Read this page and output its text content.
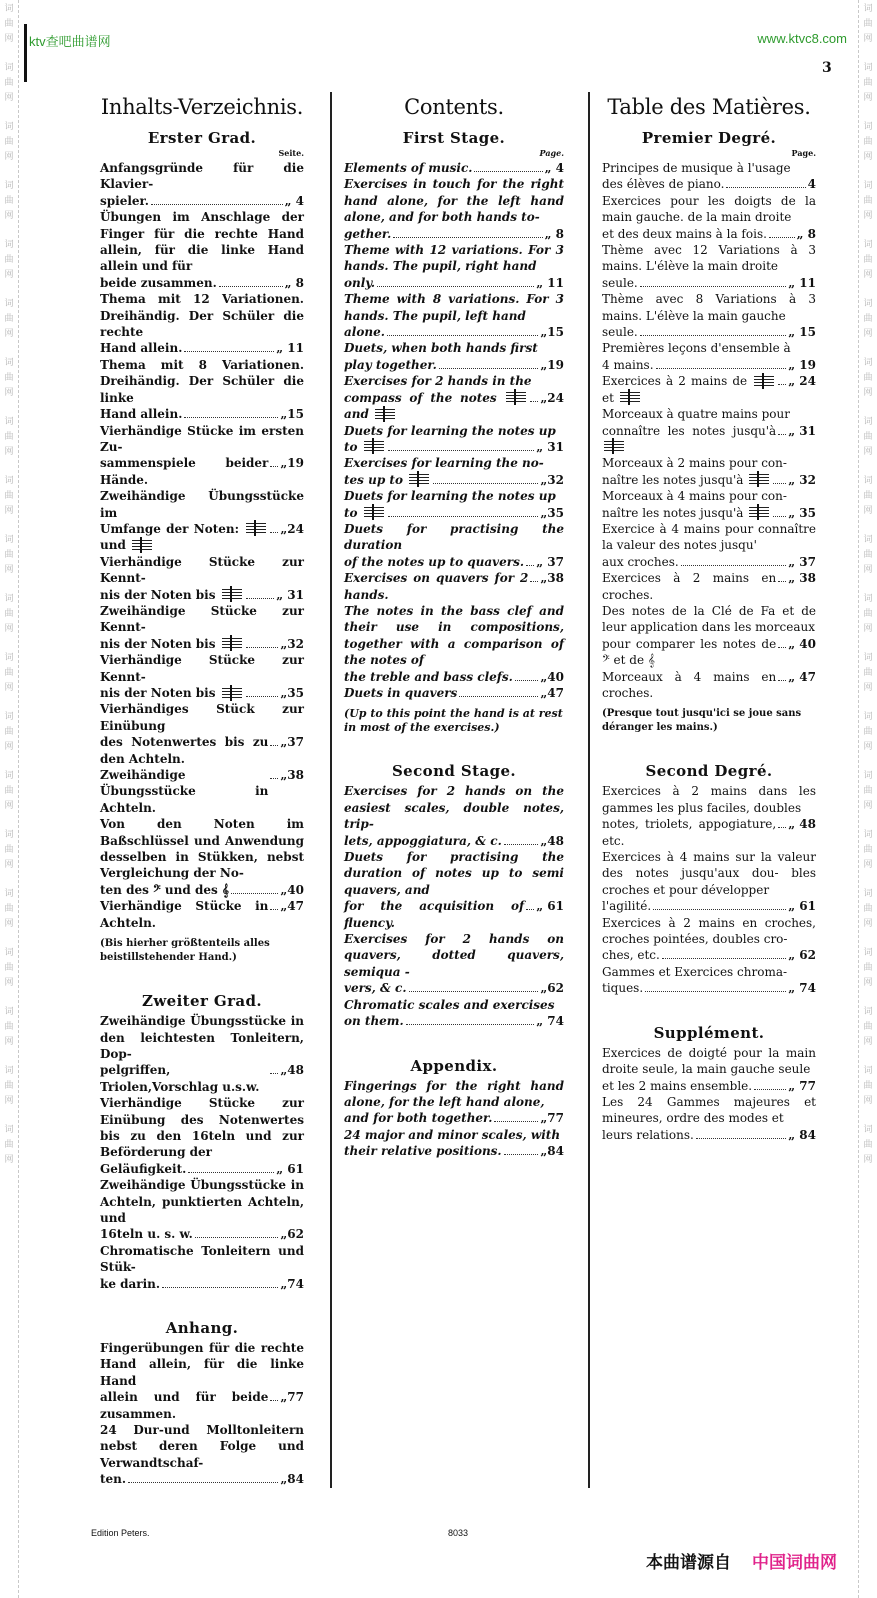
词
曲
网
词
曲
网
词
曲
网
词
曲
网
词
曲
网
词
曲
网
词
曲
网
词
曲
网
词
曲
网
词
曲
网
词
曲
网
词
曲
网
词
曲
网
词
曲
网
词
曲
网
词
曲
网
词
曲
网
词
曲
网
词
曲
网
词
曲
网
词
曲
网
词
曲
网
词
曲
网
词
曲
网
词
曲
网
词
曲
网
词
曲
网
词
曲
网
词
曲
网
词
曲
网
词
曲
网
词
曲
网
词
曲
网
词
曲
网
词
曲
网
词
曲
网
词
曲
网
词
曲
网
词
曲
网
词
曲
网
ktv查吧曲谱网	www.ktvc8.com
3
Inhalts-Verzeichnis.
Erster Grad.
Seite.
Anfangsgründe für die Klavier-
spieler.	„ 4
Übungen im Anschlage der Finger für die rechte Hand allein, für die linke Hand allein und für
beide zusammen.	„ 8
Thema mit 12 Variationen. Dreihändig. Der Schüler die rechte
Hand allein.	„ 11
Thema mit 8 Variationen. Dreihändig. Der Schüler die linke
Hand allein.	„15
Vierhändige Stücke im ersten Zu-
sammenspiele beider Hände.
„19
Zweihändige Übungsstücke im
Umfange der Noten:  und
„24
Vierhändige Stücke zur Kennt-
nis der Noten bis	„ 31
Zweihändige Stücke zur Kennt-
nis der Noten bis	„32
Vierhändige Stücke zur Kennt-
nis der Noten bis	„35
Vierhändiges Stück zur Einübung
des Notenwertes bis zu den Achteln.
„37
Zweihändige Übungsstücke in Achteln.
„38
Von den Noten im Baßschlüssel und Anwendung desselben in Stükken, nebst Vergleichung der No-
ten des 𝄢 und des 𝄞	„40
Vierhändige Stücke in Achteln.
„47
(Bis hierher größtenteils alles beistillstehender Hand.)
Zweiter Grad.
Zweihändige Übungsstücke in den leichtesten Tonleitern, Dop-
pelgriffen, Triolen,Vorschlag u.s.w.
„48
Vierhändige Stücke zur Einübung des Notenwertes bis zu den 16teln und zur Beförderung der
Geläufigkeit.	„ 61
Zweihändige Übungsstücke in Achteln, punktierten Achteln, und
16teln u. s. w.	„62
Chromatische Tonleitern und Stük-
ke darin.	„74
Anhang.
Fingerübungen für die rechte Hand allein, für die linke Hand
allein und für beide zusammen.
„77
24 Dur-und Molltonleitern nebst deren Folge und Verwandtschaf-
ten.	„84
Contents.
First Stage.
Page.
Elements of music.	„ 4
Exercises in touch for the right hand alone, for the left hand alone, and for both hands to-
gether.	„ 8
Theme with 12 variations. For 3 hands. The pupil, right hand
only.	„ 11
Theme with 8 variations. For 3 hands. The pupil, left hand
alone.	„15
Duets, when both hands first
play together.	„19
Exercises for 2 hands in the
compass of the notes  and
„24
Duets for learning the notes up
to	„ 31
Exercises for learning the no-
tes up to	„32
Duets for learning the notes up
to	„35
Duets for practising the duration
of the notes up to quavers. „ 37
Exercises on quavers for 2 hands.
„38
The notes in the bass clef and their use in compositions, together with a comparison of the notes of
the treble and bass clefs. „40
Duets in quavers	„47
(Up to this point the hand is at rest in most of the exercises.)
Second Stage.
Exercises for 2 hands on the easiest scales, double notes, trip-
lets, appoggiatura, & c.	„48
Duets for practising the duration of notes up to semi quavers, and
for the acquisition of fluency.
„ 61
Exercises for 2 hands on quavers, dotted quavers, semiqua -
vers, & c.	„62
Chromatic scales and exercises
on them.	„ 74
Appendix.
Fingerings for the right hand alone, for the left hand alone,
and for both together.	„77
24 major and minor scales, with
their relative positions.	„84
Table des Matières.
Premier Degré.
Page.
Principes de musique à l'usage
des élèves de piano.	4
Exercices pour les doigts de la main gauche. de la main droite
et des deux mains à la fois. „ 8
Thème avec 12 Variations à 3 mains. L'élève la main droite
seule.	„ 11
Thème avec 8 Variations à 3 mains. L'élève la main gauche
seule.	„ 15
Premières leçons d'ensemble à
4 mains.	„ 19
Exercices à 2 mains de  et
„ 24
Morceaux à quatre mains pour
connaître les notes jusqu'à „ 31
Morceaux à 2 mains pour con-
naître les notes jusqu'à	„ 32
Morceaux à 4 mains pour con-
naître les notes jusqu'à	„ 35
Exercice à 4 mains pour connaître la valeur des notes jusqu'
aux croches.	„ 37
Exercices à 2 mains en croches.
„ 38
Des notes de la Clé de Fa et de leur application dans les morceaux
pour comparer les notes de 𝄢 et de 𝄞
„ 40
Morceaux à 4 mains en croches.
„ 47
(Presque tout jusqu'ici se joue sans déranger les mains.)
Second Degré.
Exercices à 2 mains dans les gammes les plus faciles, doubles
notes, triolets, appogiature, etc.
„ 48
Exercices à 4 mains sur la valeur des notes jusqu'aux dou- bles croches et pour développer
l'agilité.	„ 61
Exercices à 2 mains en croches, croches pointées, doubles cro-
ches, etc.	„ 62
Gammes et Exercices chroma-
tiques.	„ 74
Supplément.
Exercices de doigté pour la main droite seule, la main gauche seule
et les 2 mains ensemble.	„ 77
Les 24 Gammes majeures et mineures, ordre des modes et
leurs relations.	„ 84
Edition Peters.	8033
本曲谱源自 中国词曲网
